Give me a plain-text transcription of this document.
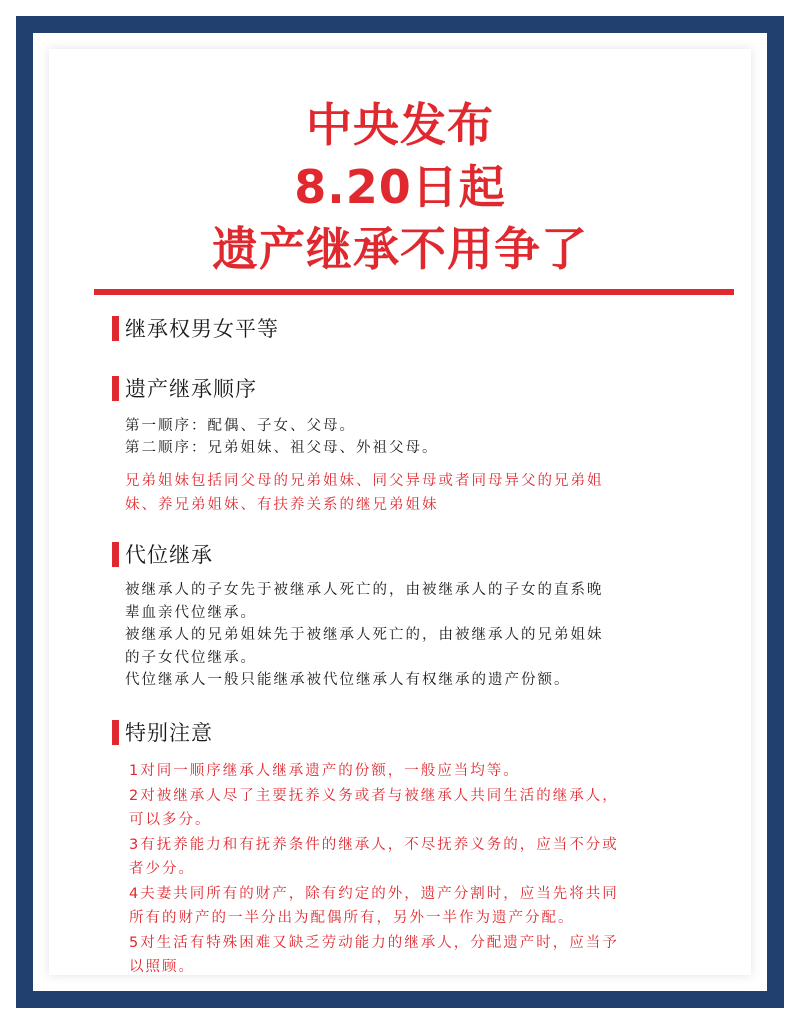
中央发布
8.20日起
遗产继承不用争了
继承权男女平等
遗产继承顺序

第一顺序：配偶、子女、父母。
第二顺序：兄弟姐妹、祖父母、外祖父母。

兄弟姐妹包括同父母的兄弟姐妹、同父异母或者同母异父的兄弟姐
妹、养兄弟姐妹、有扶养关系的继兄弟姐妹

代位继承

被继承人的子女先于被继承人死亡的，由被继承人的子女的直系晚
辈血亲代位继承。
被继承人的兄弟姐妹先于被继承人死亡的，由被继承人的兄弟姐妹
的子女代位继承。
代位继承人一般只能继承被代位继承人有权继承的遗产份额。

特别注意

1对同一顺序继承人继承遗产的份额，一般应当均等。
2对被继承人尽了主要抚养义务或者与被继承人共同生活的继承人，
可以多分。
3有抚养能力和有抚养条件的继承人，不尽抚养义务的，应当不分或
者少分。
4夫妻共同所有的财产，除有约定的外，遗产分割时，应当先将共同
所有的财产的一半分出为配偶所有，另外一半作为遗产分配。
5对生活有特殊困难又缺乏劳动能力的继承人，分配遗产时，应当予
以照顾。
